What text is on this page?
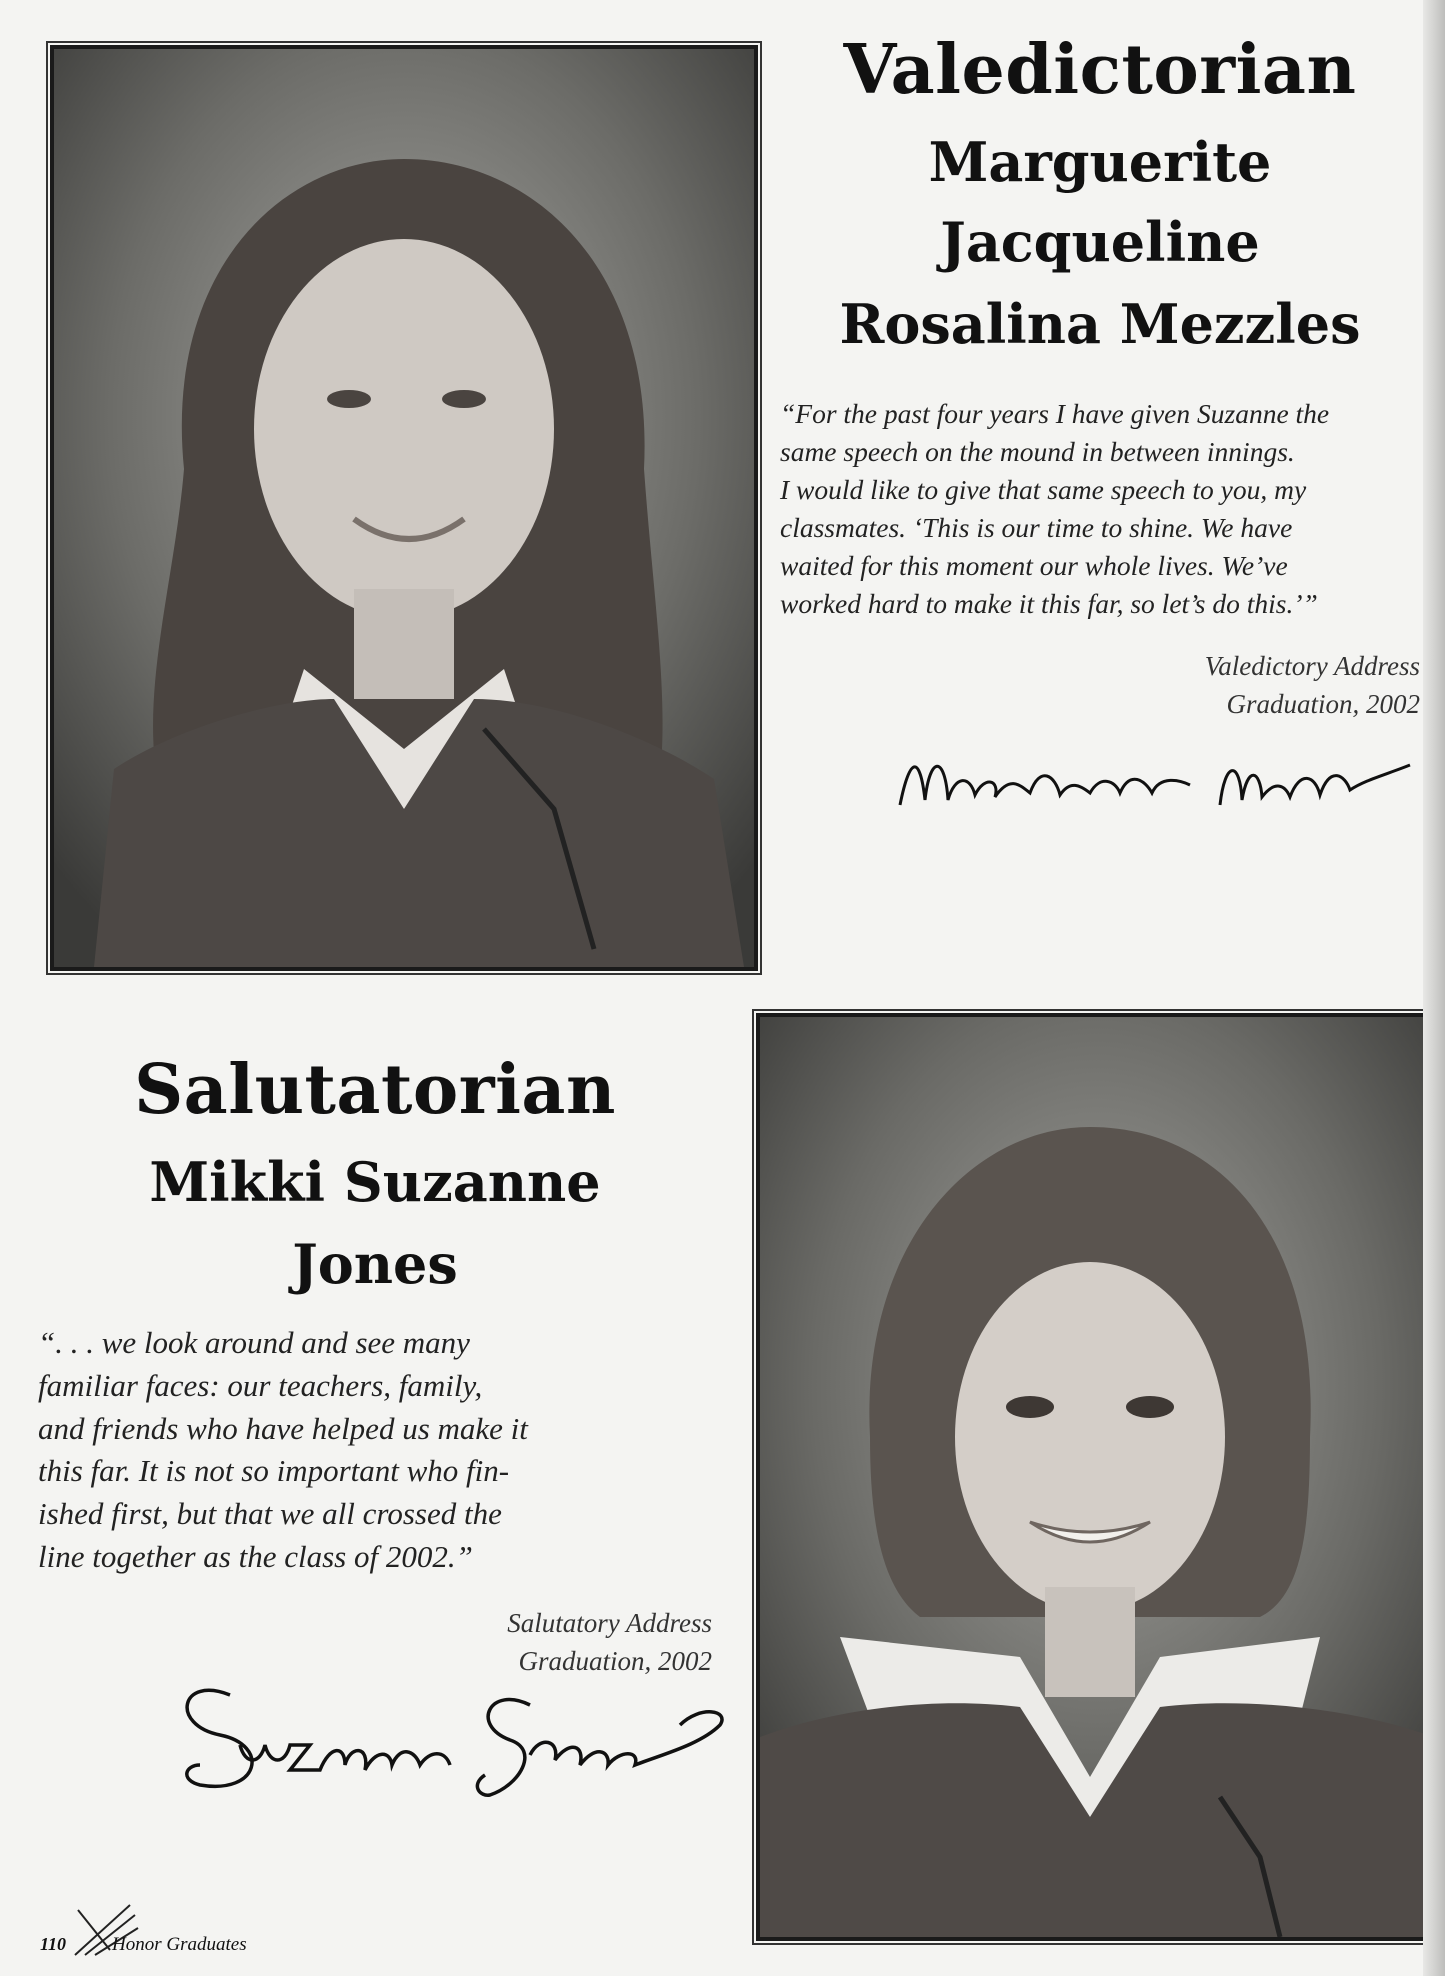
Valedictorian
Marguerite
Jacqueline
Rosalina Mezzles
“For the past four years I have given Suzanne the
same speech on the mound in between innings.
I would like to give that same speech to you, my
classmates. ‘This is our time to shine. We have
waited for this moment our whole lives. We’ve
worked hard to make it this far, so let’s do this.’”
Valedictory Address
Graduation, 2002
Salutatorian
Mikki Suzanne
Jones
“. . . we look around and see many
familiar faces: our teachers, family,
and friends who have helped us make it
this far. It is not so important who fin-
ished first, but that we all crossed the
line together as the class of 2002.”
Salutatory Address
Graduation, 2002
110 Honor Graduates
